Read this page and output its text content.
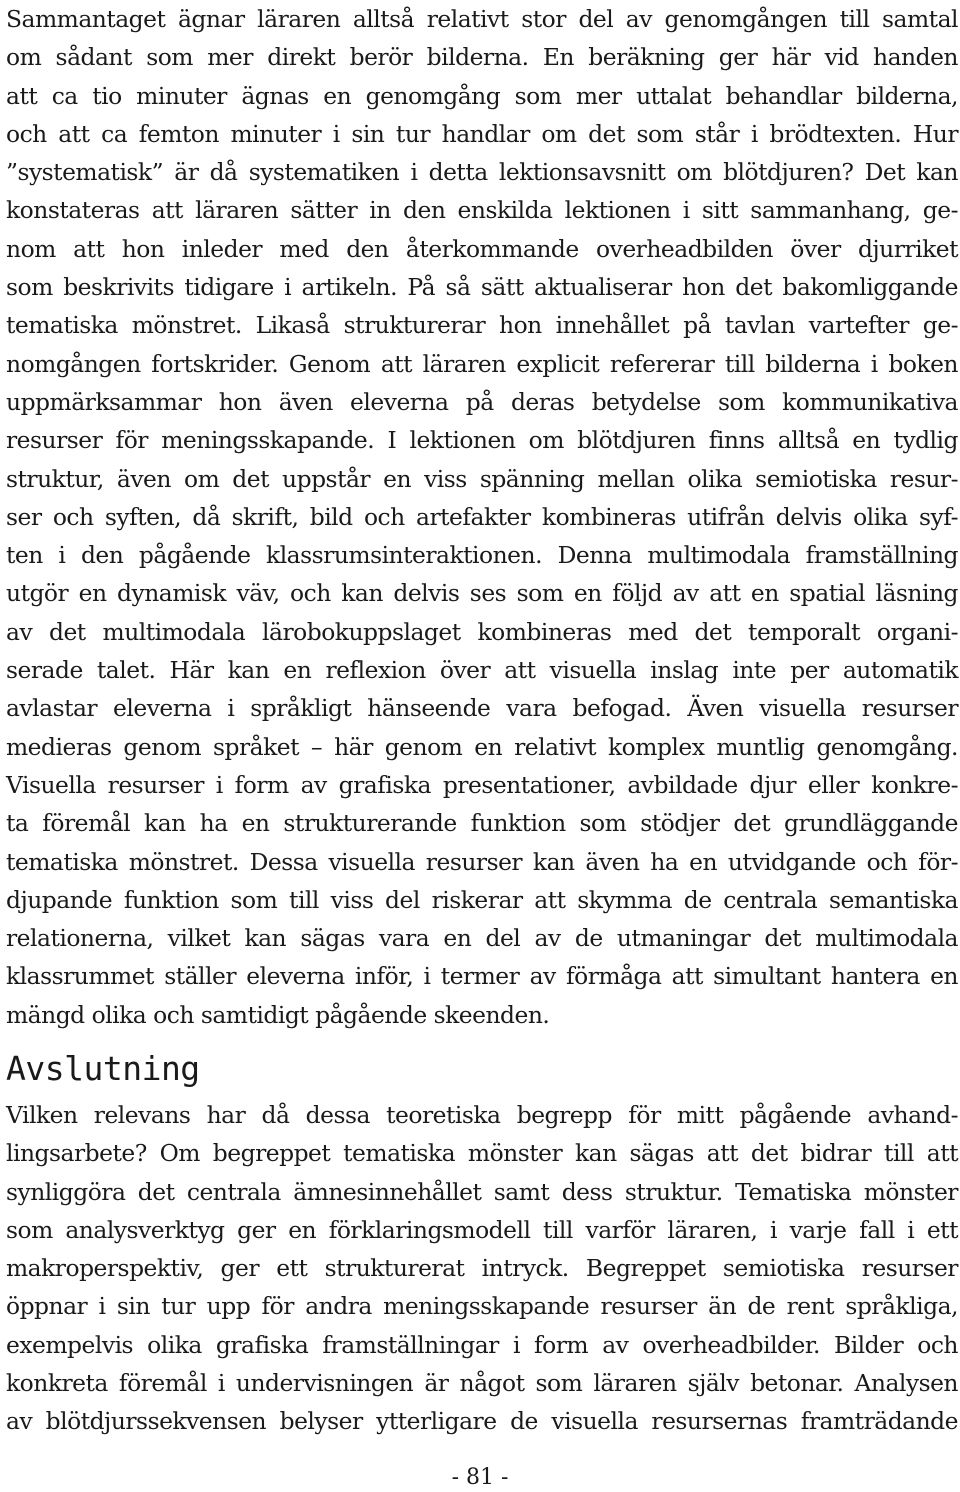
Sammantaget ägnar läraren alltså relativt stor del av genomgången till samtal
om sådant som mer direkt berör bilderna. En beräkning ger här vid handen
att ca tio minuter ägnas en genomgång som mer uttalat behandlar bilderna,
och att ca femton minuter i sin tur handlar om det som står i brödtexten. Hur
”systematisk” är då systematiken i detta lektionsavsnitt om blötdjuren? Det kan
konstateras att läraren sätter in den enskilda lektionen i sitt sammanhang, ge-
nom att hon inleder med den återkommande overheadbilden över djurriket
som beskrivits tidigare i artikeln. På så sätt aktualiserar hon det bakomliggande
tematiska mönstret. Likaså strukturerar hon innehållet på tavlan vartefter ge-
nomgången fortskrider. Genom att läraren explicit refererar till bilderna i boken
uppmärksammar hon även eleverna på deras betydelse som kommunikativa
resurser för meningsskapande. I lektionen om blötdjuren finns alltså en tydlig
struktur, även om det uppstår en viss spänning mellan olika semiotiska resur-
ser och syften, då skrift, bild och artefakter kombineras utifrån delvis olika syf-
ten i den pågående klassrumsinteraktionen. Denna multimodala framställning
utgör en dynamisk väv, och kan delvis ses som en följd av att en spatial läsning
av det multimodala lärobokuppslaget kombineras med det temporalt organi-
serade talet. Här kan en reflexion över att visuella inslag inte per automatik
avlastar eleverna i språkligt hänseende vara befogad. Även visuella resurser
medieras genom språket – här genom en relativt komplex muntlig genomgång.
Visuella resurser i form av grafiska presentationer, avbildade djur eller konkre-
ta föremål kan ha en strukturerande funktion som stödjer det grundläggande
tematiska mönstret. Dessa visuella resurser kan även ha en utvidgande och för-
djupande funktion som till viss del riskerar att skymma de centrala semantiska
relationerna, vilket kan sägas vara en del av de utmaningar det multimodala
klassrummet ställer eleverna inför, i termer av förmåga att simultant hantera en
mängd olika och samtidigt pågående skeenden.
Avslutning
Vilken relevans har då dessa teoretiska begrepp för mitt pågående avhand-
lingsarbete? Om begreppet tematiska mönster kan sägas att det bidrar till att
synliggöra det centrala ämnesinnehållet samt dess struktur. Tematiska mönster
som analysverktyg ger en förklaringsmodell till varför läraren, i varje fall i ett
makroperspektiv, ger ett strukturerat intryck. Begreppet semiotiska resurser
öppnar i sin tur upp för andra meningsskapande resurser än de rent språkliga,
exempelvis olika grafiska framställningar i form av overheadbilder. Bilder och
konkreta föremål i undervisningen är något som läraren själv betonar. Analysen
av blötdjurssekvensen belyser ytterligare de visuella resursernas framträdande
- 81 -
